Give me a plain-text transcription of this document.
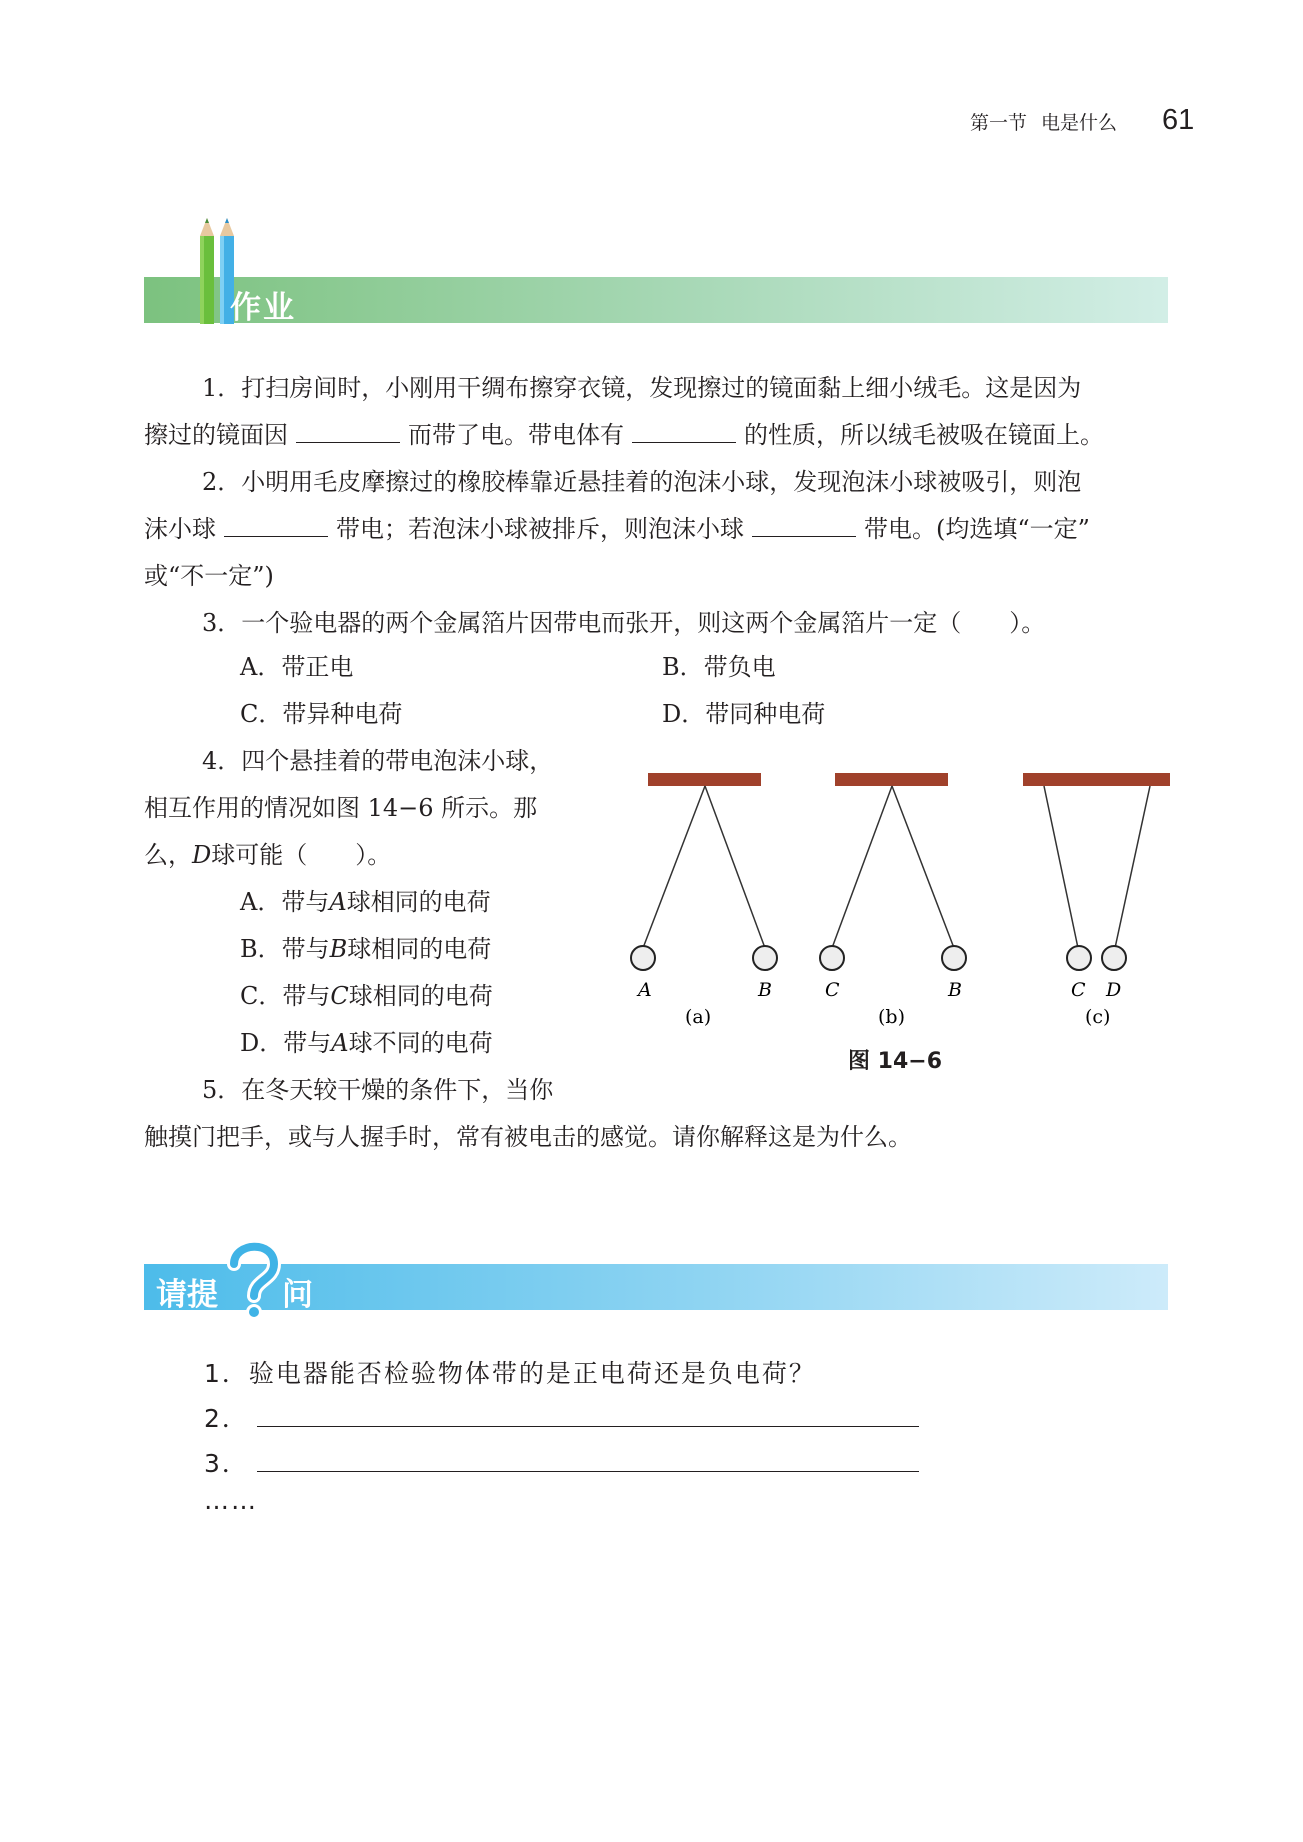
第一节 电是什么 61
作业
1．打扫房间时，小刚用干绸布擦穿衣镜，发现擦过的镜面黏上细小绒毛。这是因为
擦过的镜面因	而带了电。带电体有	的性质，所以绒毛被吸在镜面上。
2．小明用毛皮摩擦过的橡胶棒靠近悬挂着的泡沫小球，发现泡沫小球被吸引，则泡
沫小球	带电；若泡沫小球被排斥，则泡沫小球	带电。(均选填“一定”
或“不一定”)
3．一个验电器的两个金属箔片因带电而张开，则这两个金属箔片一定（　　）。
A．带正电	B．带负电
C．带异种电荷	D．带同种电荷
4．四个悬挂着的带电泡沫小球，
相互作用的情况如图 14−6 所示。那
么，D球可能（　　）。
A．带与A球相同的电荷
B．带与B球相同的电荷
C．带与C球相同的电荷
D．带与A球不同的电荷
A	B
(a)
C	B
(b)
C D
(c)
图 14−6
5．在冬天较干燥的条件下，当你
触摸门把手，或与人握手时，常有被电击的感觉。请你解释这是为什么。
请提 问
1．验电器能否检验物体带的是正电荷还是负电荷？
2．
3．
……
